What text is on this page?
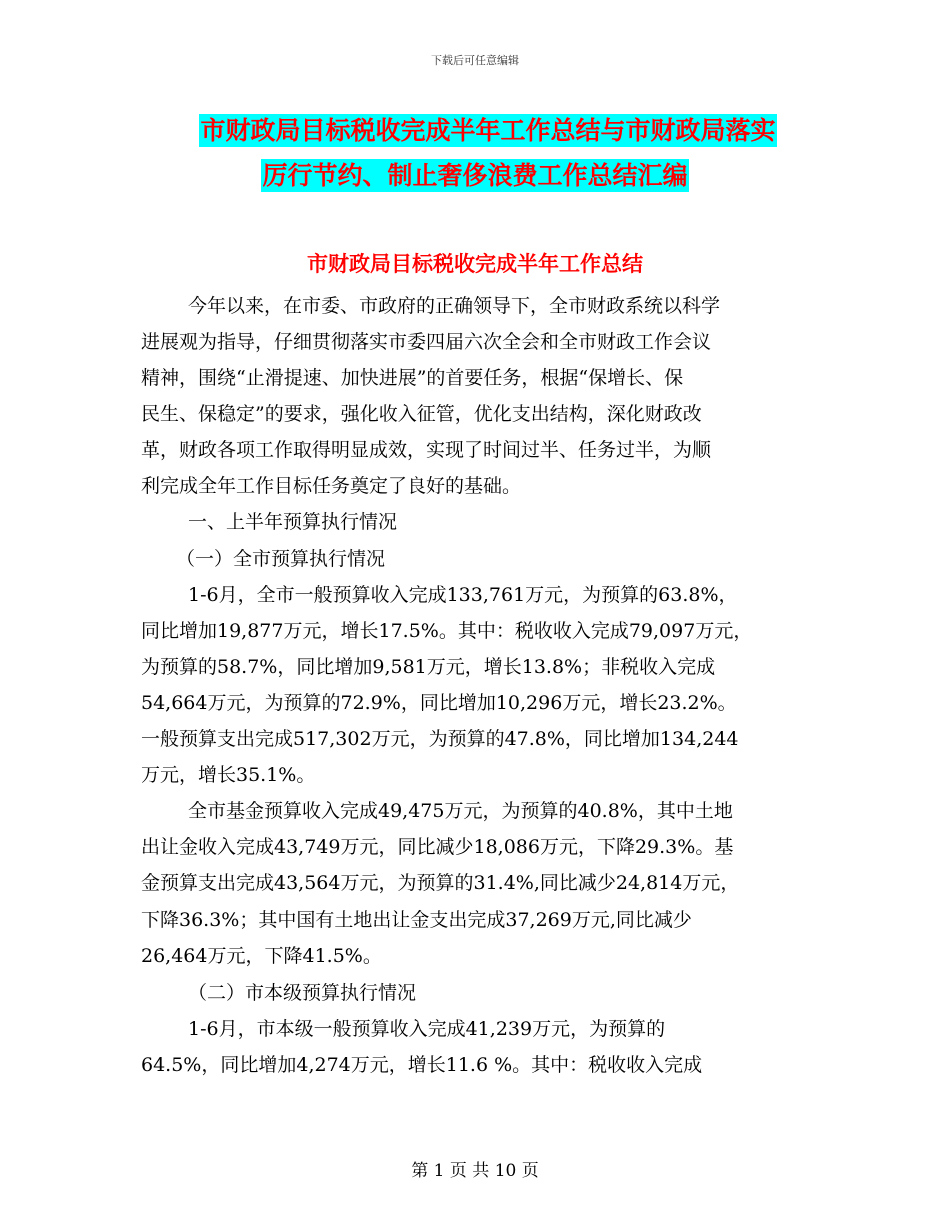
下载后可任意编辑
市财政局目标税收完成半年工作总结与市财政局落实
厉行节约、制止奢侈浪费工作总结汇编
市财政局目标税收完成半年工作总结
今年以来，在市委、市政府的正确领导下，全市财政系统以科学
进展观为指导，仔细贯彻落实市委四届六次全会和全市财政工作会议
精神，围绕“止滑提速、加快进展”的首要任务，根据“保增长、保
民生、保稳定”的要求，强化收入征管，优化支出结构，深化财政改
革，财政各项工作取得明显成效，实现了时间过半、任务过半，为顺
利完成全年工作目标任务奠定了良好的基础。
一、上半年预算执行情况
（一）全市预算执行情况
1-6月，全市一般预算收入完成133,761万元，为预算的63.8%，
同比增加19,877万元，增长17.5%。其中：税收收入完成79,097万元，
为预算的58.7%，同比增加9,581万元，增长13.8%；非税收入完成
54,664万元，为预算的72.9%，同比增加10,296万元，增长23.2%。
一般预算支出完成517,302万元，为预算的47.8%，同比增加134,244
万元，增长35.1%。
全市基金预算收入完成49,475万元，为预算的40.8%，其中土地
出让金收入完成43,749万元，同比减少18,086万元，下降29.3%。基
金预算支出完成43,564万元，为预算的31.4%,同比减少24,814万元，
下降36.3%；其中国有土地出让金支出完成37,269万元,同比减少
26,464万元，下降41.5%。
（二）市本级预算执行情况
1-6月，市本级一般预算收入完成41,239万元，为预算的
64.5%，同比增加4,274万元，增长11.6 %。其中：税收收入完成
第 1 页 共 10 页
